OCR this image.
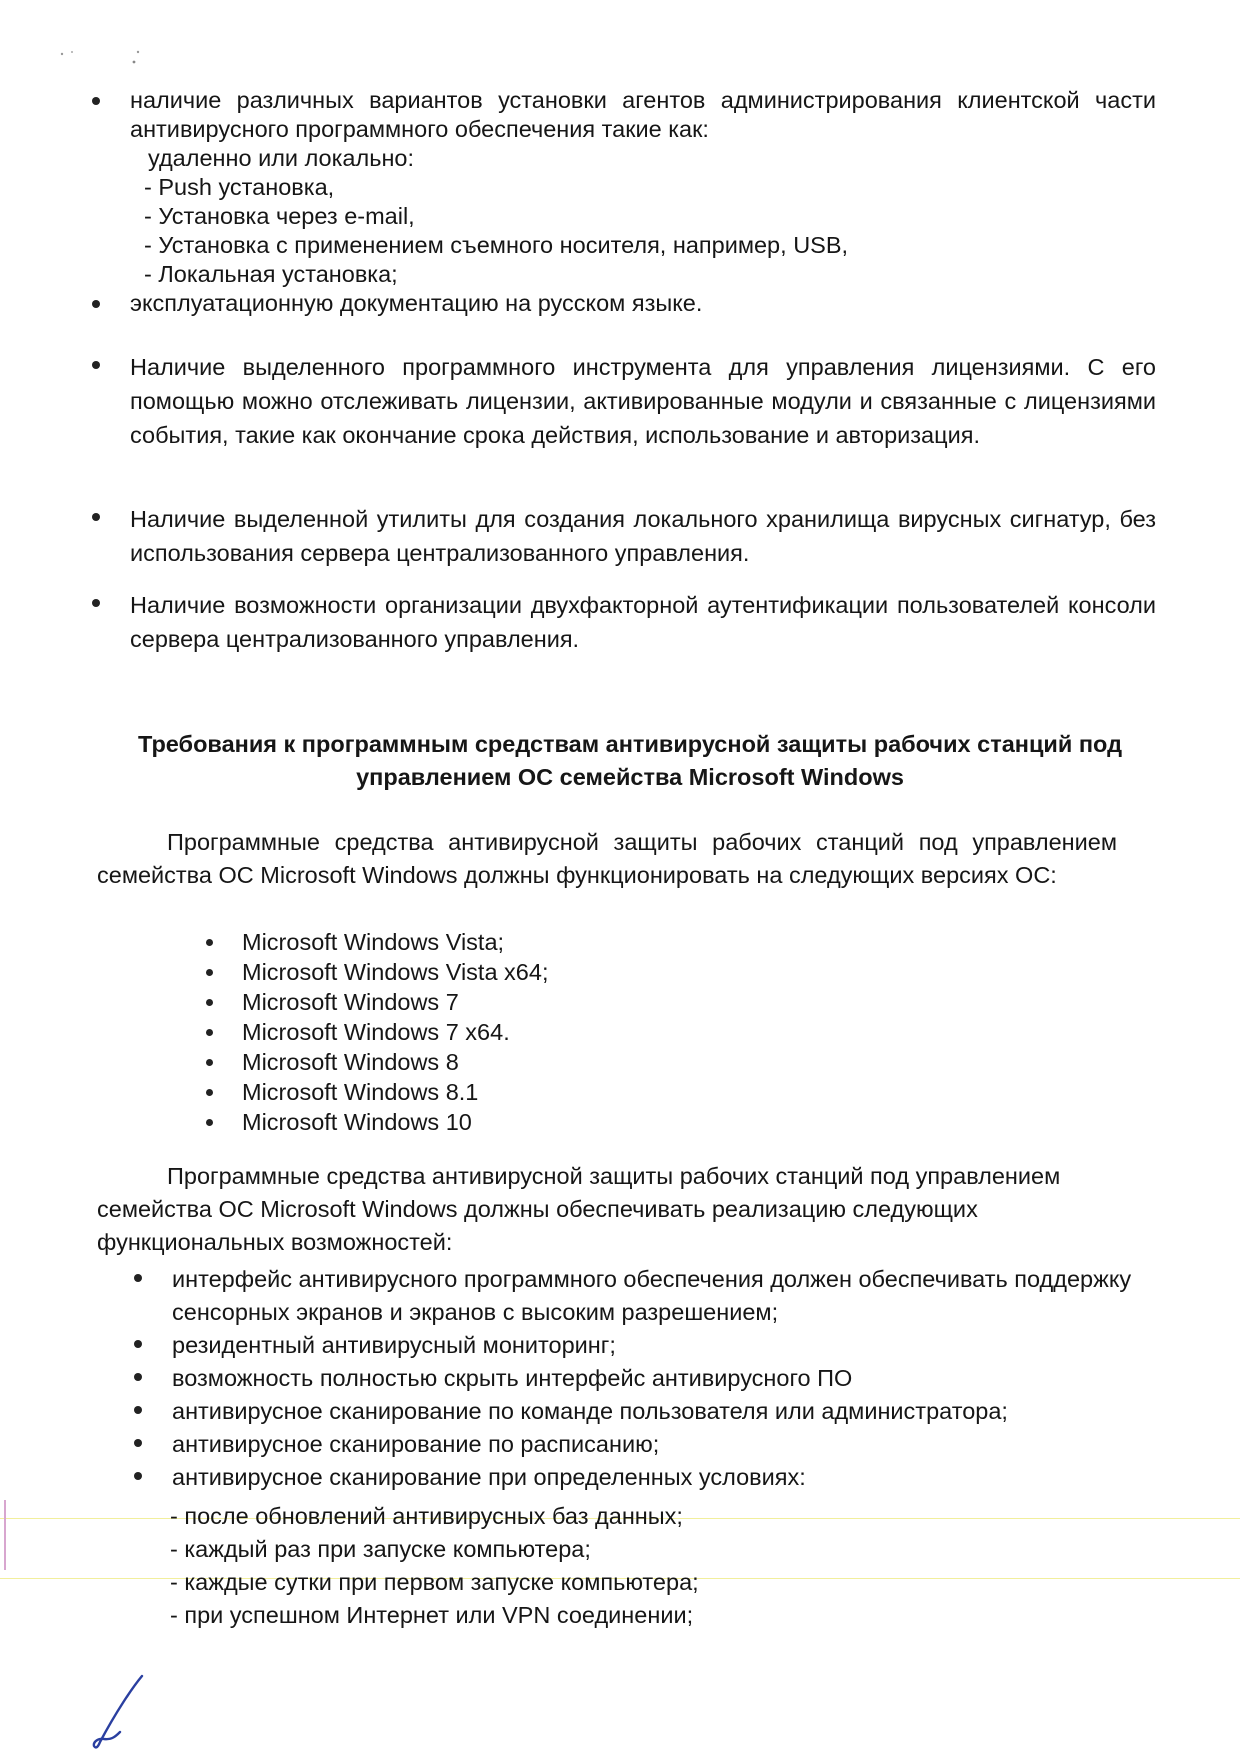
наличие различных вариантов установки агентов администрирования клиентской части антивирусного программного обеспечения такие как:
удаленно или локально:
- Push установка,
- Установка через e-mail,
- Установка с применением съемного носителя, например, USB,
- Локальная установка;
эксплуатационную документацию на русском языке.
Наличие выделенного программного инструмента для управления лицензиями. С его помощью можно отслеживать лицензии, активированные модули и связанные с лицензиями события, такие как окончание срока действия, использование и авторизация.
Наличие выделенной утилиты для создания локального хранилища вирусных сигнатур, без использования сервера централизованного управления.
Наличие возможности организации двухфакторной аутентификации пользователей консоли сервера централизованного управления.
Требования к программным средствам антивирусной защиты рабочих станций под
управлением ОС семейства Microsoft Windows
Программные средства антивирусной защиты рабочих станций под управлением семейства ОС Microsoft Windows должны функционировать на следующих версиях ОС:
Microsoft Windows Vista;
Microsoft Windows Vista x64;
Microsoft Windows 7
Microsoft Windows 7 x64.
Microsoft Windows 8
Microsoft Windows 8.1
Microsoft Windows 10
Программные средства антивирусной защиты рабочих станций под управлением семейства ОС Microsoft Windows должны обеспечивать реализацию следующих функциональных возможностей:
интерфейс антивирусного программного обеспечения должен обеспечивать поддержку сенсорных экранов и экранов с высоким разрешением;
резидентный антивирусный мониторинг;
возможность полностью скрыть интерфейс антивирусного ПО
антивирусное сканирование по команде пользователя или администратора;
антивирусное сканирование по расписанию;
антивирусное сканирование при определенных условиях:
- после обновлений антивирусных баз данных;
- каждый раз при запуске компьютера;
- каждые сутки при первом запуске компьютера;
- при успешном Интернет или VPN соединении;
